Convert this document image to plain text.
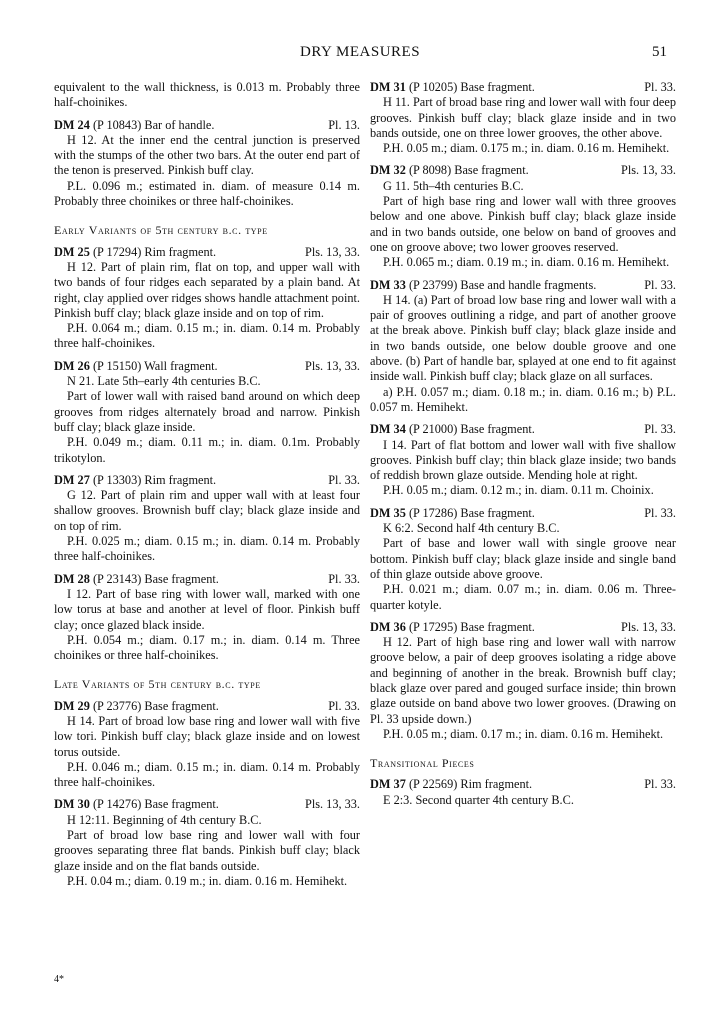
DRY MEASURES	51

equivalent to the wall thickness, is 0.013 m. Probably three half-choinikes.

DM 24 (P 10843) Bar of handle.	Pl. 13.

H 12. At the inner end the central junction is preserved with the stumps of the other two bars. At the outer end part of the tenon is preserved. Pinkish buff clay.

P.L. 0.096 m.; estimated in. diam. of measure 0.14 m. Probably three choinikes or three half-choinikes.

Early Variants of 5th century b.c. type
DM 25 (P 17294) Rim fragment.	Pls. 13, 33.

H 12. Part of plain rim, flat on top, and upper wall with two bands of four ridges each separated by a plain band. At right, clay applied over ridges shows handle attachment point. Pinkish buff clay; black glaze inside and on top of rim.

P.H. 0.064 m.; diam. 0.15 m.; in. diam. 0.14 m. Probably three half-choinikes.

DM 26 (P 15150) Wall fragment.	Pls. 13, 33.

N 21. Late 5th–early 4th centuries B.C.

Part of lower wall with raised band around on which deep grooves from ridges alternately broad and narrow. Pinkish buff clay; black glaze inside.

P.H. 0.049 m.; diam. 0.11 m.; in. diam. 0.1m. Probably trikotylon.

DM 27 (P 13303) Rim fragment.	Pl. 33.

G 12. Part of plain rim and upper wall with at least four shallow grooves. Brownish buff clay; black glaze inside and on top of rim.

P.H. 0.025 m.; diam. 0.15 m.; in. diam. 0.14 m. Probably three half-choinikes.

DM 28 (P 23143) Base fragment.	Pl. 33.

I 12. Part of base ring with lower wall, marked with one low torus at base and another at level of floor. Pinkish buff clay; once glazed black inside.

P.H. 0.054 m.; diam. 0.17 m.; in. diam. 0.14 m. Three choinikes or three half-choinikes.

Late Variants of 5th century b.c. type
DM 29 (P 23776) Base fragment.	Pl. 33.

H 14. Part of broad low base ring and lower wall with five low tori. Pinkish buff clay; black glaze inside and on lowest torus outside.

P.H. 0.046 m.; diam. 0.15 m.; in. diam. 0.14 m. Probably three half-choinikes.

DM 30 (P 14276) Base fragment.	Pls. 13, 33.

H 12:11. Beginning of 4th century B.C.

Part of broad low base ring and lower wall with four grooves separating three flat bands. Pinkish buff clay; black glaze inside and on the flat bands outside.

P.H. 0.04 m.; diam. 0.19 m.; in. diam. 0.16 m. Hemihekt.

DM 31 (P 10205) Base fragment.	Pl. 33.

H 11. Part of broad base ring and lower wall with four deep grooves. Pinkish buff clay; black glaze inside and in two bands outside, one on three lower grooves, the other above.

P.H. 0.05 m.; diam. 0.175 m.; in. diam. 0.16 m. Hemihekt.

DM 32 (P 8098) Base fragment.	Pls. 13, 33.

G 11. 5th–4th centuries B.C.

Part of high base ring and lower wall with three grooves below and one above. Pinkish buff clay; black glaze inside and in two bands outside, one below on band of grooves and one on groove above; two lower grooves reserved.

P.H. 0.065 m.; diam. 0.19 m.; in. diam. 0.16 m. Hemihekt.

DM 33 (P 23799) Base and handle fragments.	Pl. 33.

H 14. (a) Part of broad low base ring and lower wall with a pair of grooves outlining a ridge, and part of another groove at the break above. Pinkish buff clay; black glaze inside and in two bands outside, one below double groove and one above. (b) Part of handle bar, splayed at one end to fit against inside wall. Pinkish buff clay; black glaze on all surfaces.

a) P.H. 0.057 m.; diam. 0.18 m.; in. diam. 0.16 m.; b) P.L. 0.057 m. Hemihekt.

DM 34 (P 21000) Base fragment.	Pl. 33.

I 14. Part of flat bottom and lower wall with five shallow grooves. Pinkish buff clay; thin black glaze inside; two bands of reddish brown glaze outside. Mending hole at right.

P.H. 0.05 m.; diam. 0.12 m.; in. diam. 0.11 m. Choinix.

DM 35 (P 17286) Base fragment.	Pl. 33.

K 6:2. Second half 4th century B.C.

Part of base and lower wall with single groove near bottom. Pinkish buff clay; black glaze inside and single band of thin glaze outside above groove.

P.H. 0.021 m.; diam. 0.07 m.; in. diam. 0.06 m. Three-quarter kotyle.

DM 36 (P 17295) Base fragment.	Pls. 13, 33.

H 12. Part of high base ring and lower wall with narrow groove below, a pair of deep grooves isolating a ridge above and beginning of another in the break. Brownish buff clay; black glaze over pared and gouged surface inside; thin brown glaze outside on band above two lower grooves. (Drawing on Pl. 33 upside down.)

P.H. 0.05 m.; diam. 0.17 m.; in. diam. 0.16 m. Hemihekt.

Transitional Pieces
DM 37 (P 22569) Rim fragment.	Pl. 33.

E 2:3. Second quarter 4th century B.C.

4*
